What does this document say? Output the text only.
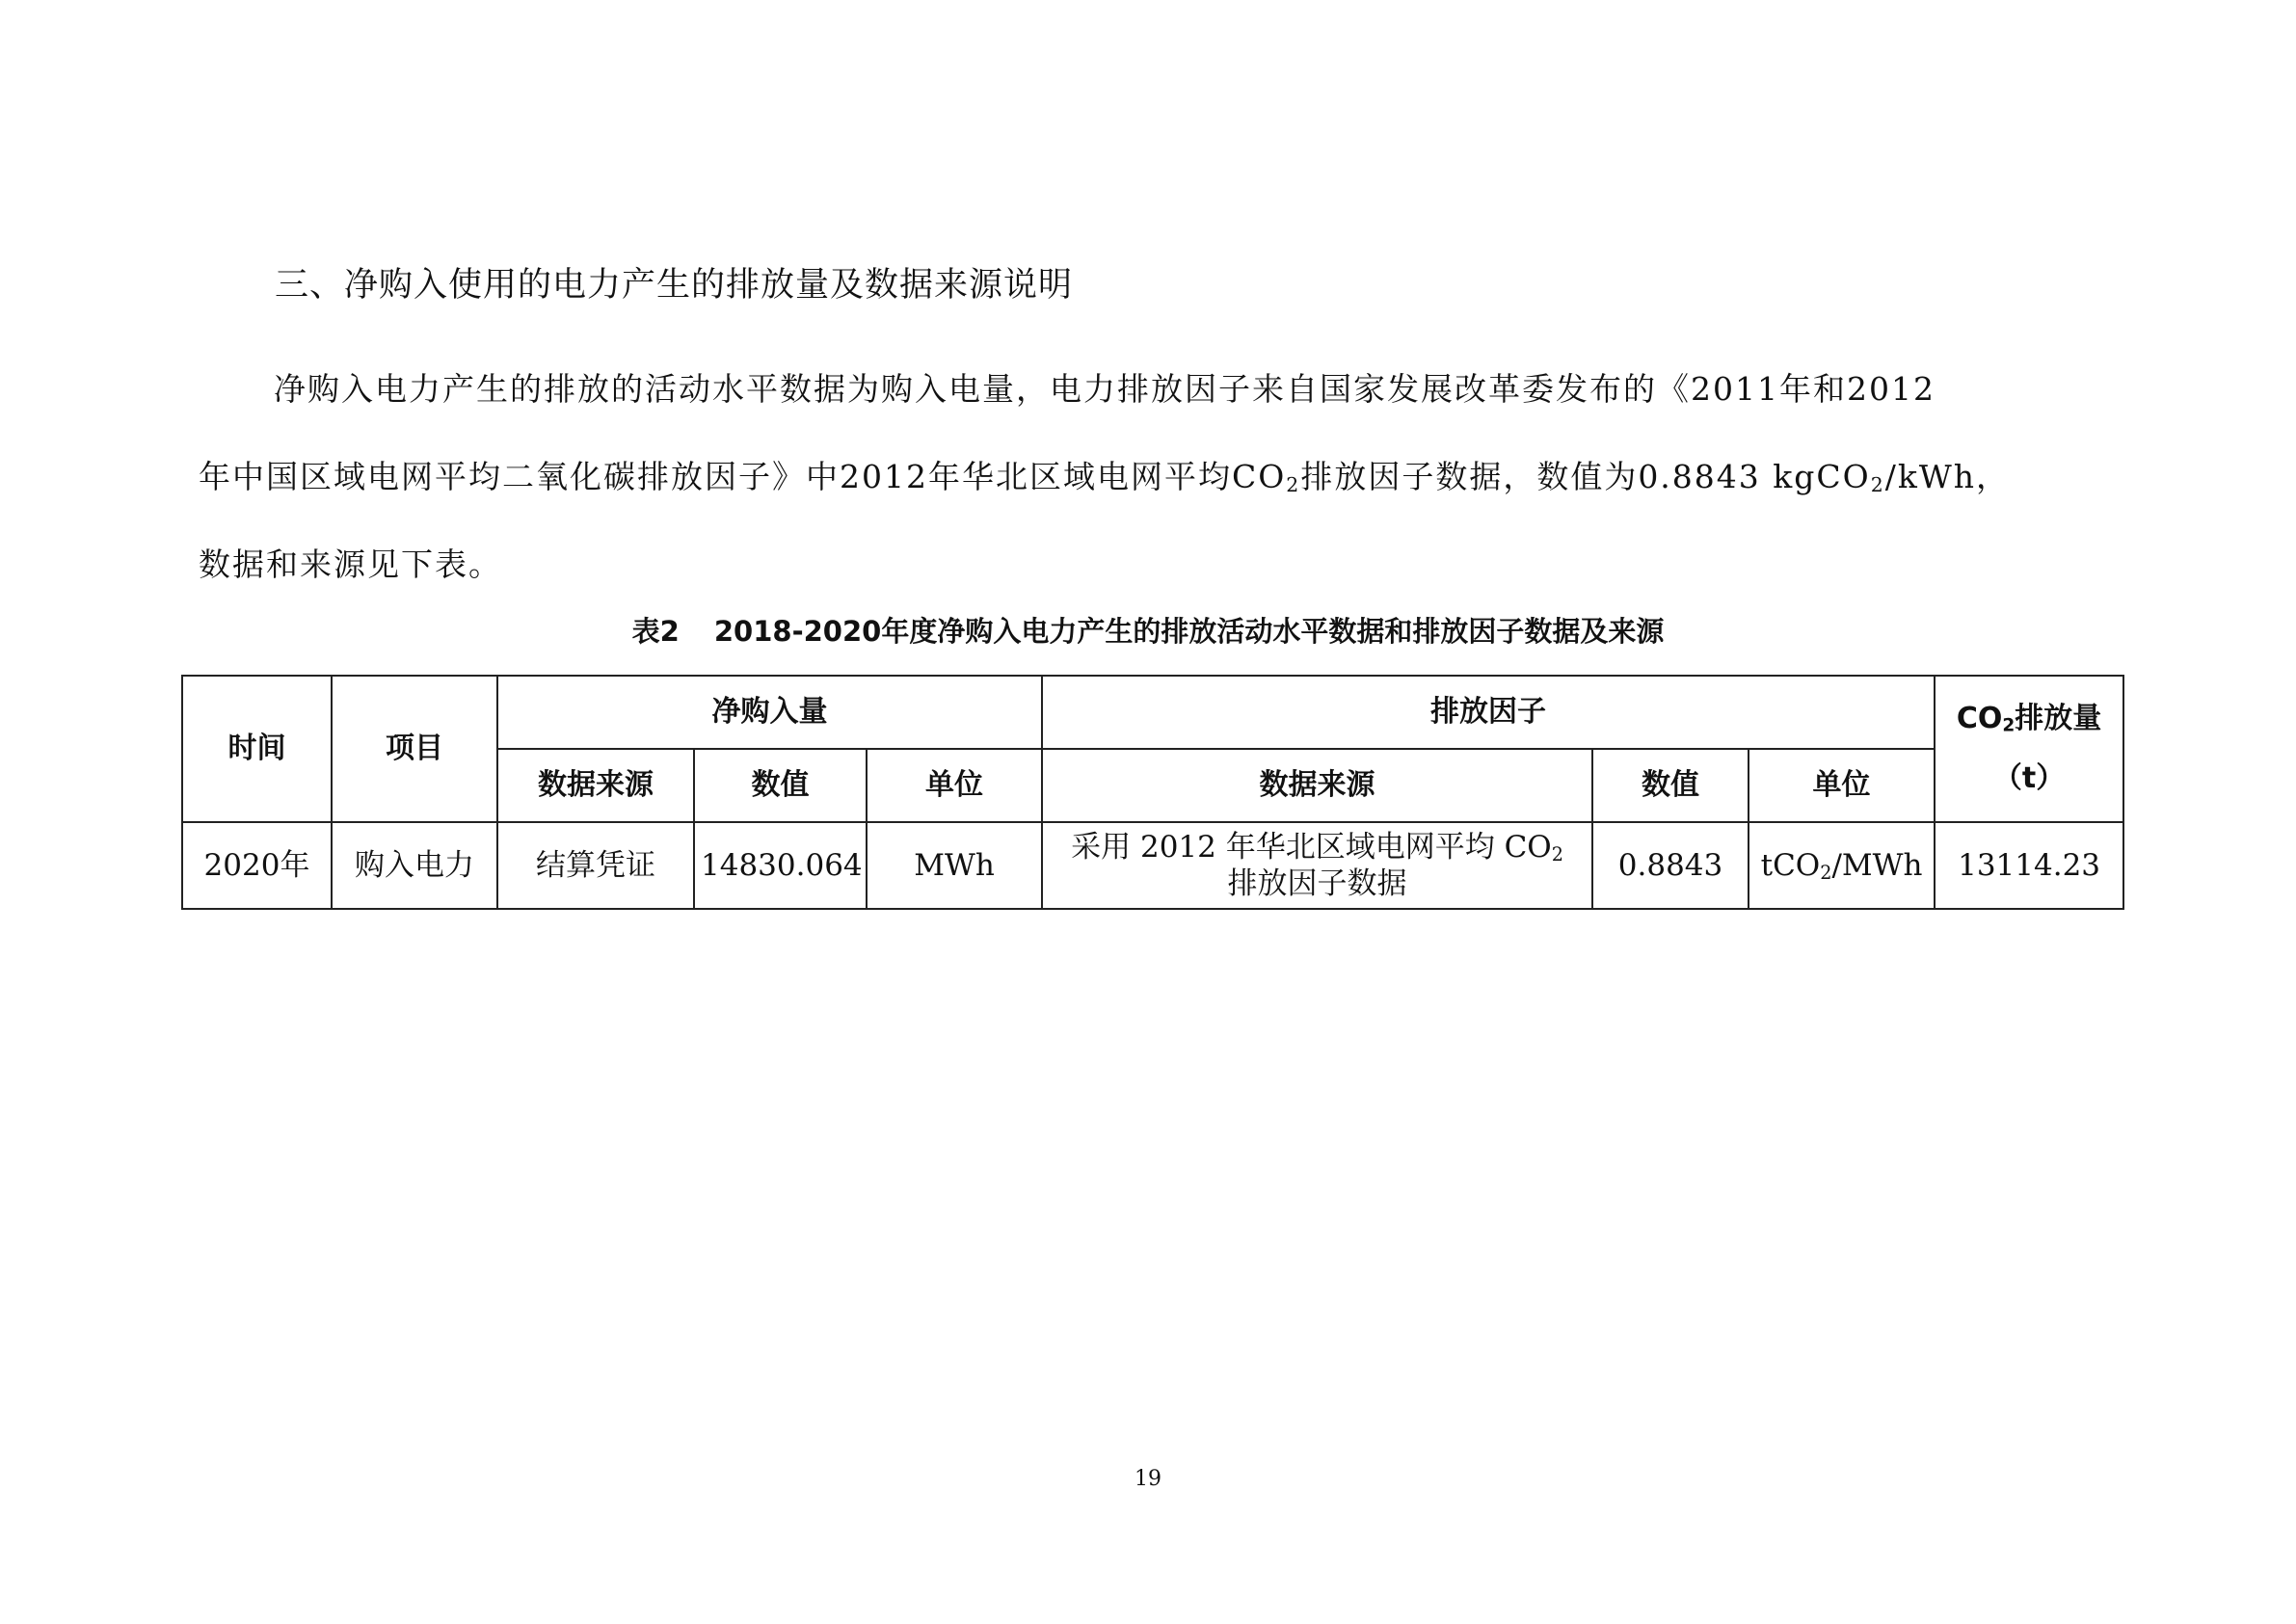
三、净购入使用的电力产生的排放量及数据来源说明

净购入电力产生的排放的活动水平数据为购入电量，电力排放因子来自国家发展改革委发布的《2011年和2012
年中国区域电网平均二氧化碳排放因子》中2012年华北区域电网平均$CO_2$排放因子数据，数值为0.8843 kgCO$_2$/kWh，
数据和来源见下表。

表2 2018-2020年度净购入电力产生的排放活动水平数据和排放因子数据及来源

时间	项目	净购入量			排放因子			$CO_2$排放量
（t）

		数据来源	数值	单位	数据来源	数值	单位	
2020年	购入电力	结算凭证	14830.064	MWh	采用 2012 年华北区域电网平均 $CO_2$
排放因子数据	0.8843	tCO$_2$/MWh	13114.23

19
